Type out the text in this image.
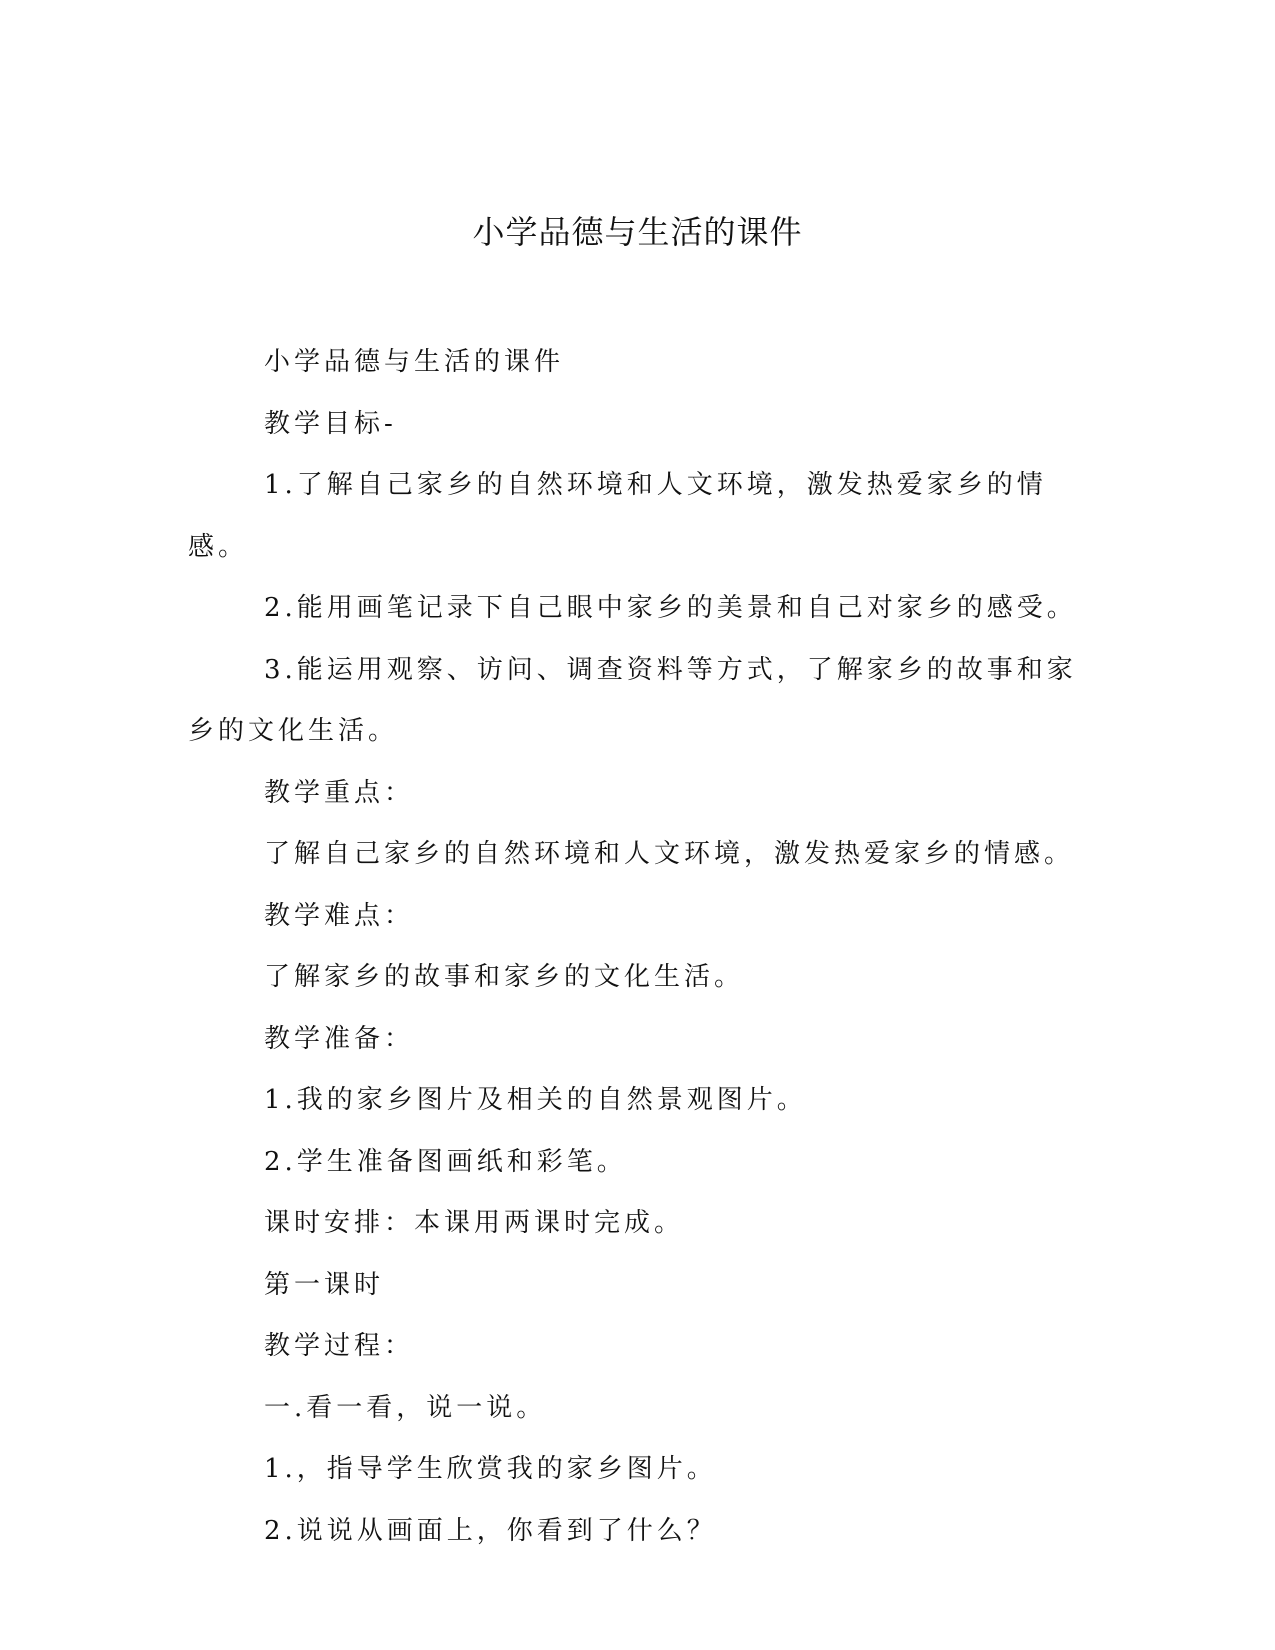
小学品德与生活的课件

小学品德与生活的课件

教学目标-

1.了解自己家乡的自然环境和人文环境，激发热爱家乡的情感。

2.能用画笔记录下自己眼中家乡的美景和自己对家乡的感受。

3.能运用观察、访问、调查资料等方式，了解家乡的故事和家乡的文化生活。

教学重点：

了解自己家乡的自然环境和人文环境，激发热爱家乡的情感。

教学难点：

了解家乡的故事和家乡的文化生活。

教学准备：

1.我的家乡图片及相关的自然景观图片。

2.学生准备图画纸和彩笔。

课时安排：本课用两课时完成。

第一课时

教学过程：

一.看一看，说一说。

1.，指导学生欣赏我的家乡图片。

2.说说从画面上，你看到了什么？
